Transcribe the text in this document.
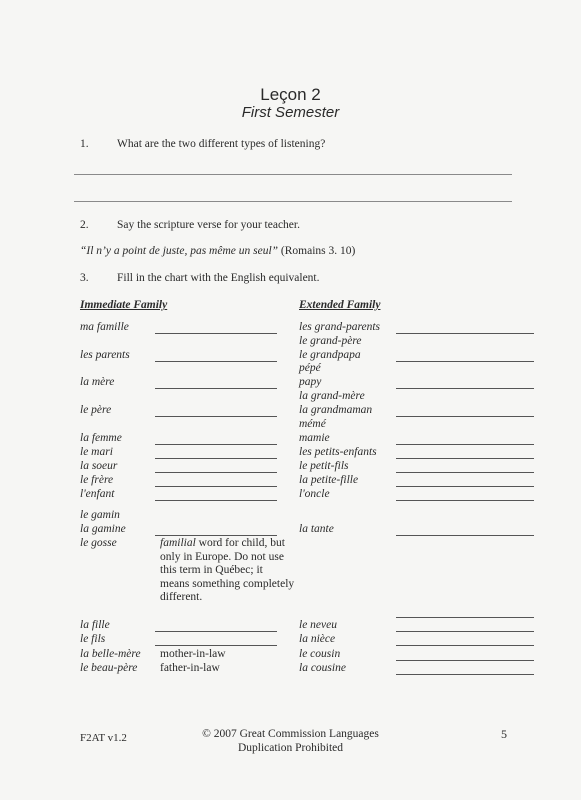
Leçon 2
First Semester
1. What are the two different types of listening?
2. Say the scripture verse for your teacher.
“Il n’y a point de juste, pas même un seul” (Romains 3. 10)
3. Fill in the chart with the English equivalent.
Immediate Family	Extended Family
ma famille
les parents
la mère
le père
la femme
le mari
la soeur
le frère
l'enfant
le gamin
la gamine
le gosse
la fille
le fils
la belle-mère
le beau-père
familial word for child, but only in Europe. Do not use this term in Québec; it means something completely different.
mother-in-law
father-in-law
les grand-parents
le grand-père
le grandpapa
pépé
papy
la grand-mère
la grandmaman
mémé
mamie
les petits-enfants
le petit-fils
la petite-fille
l'oncle
la tante
le neveu
la nièce
le cousin
la cousine
F2AT v1.2	© 2007 Great Commission Languages
Duplication Prohibited
5
